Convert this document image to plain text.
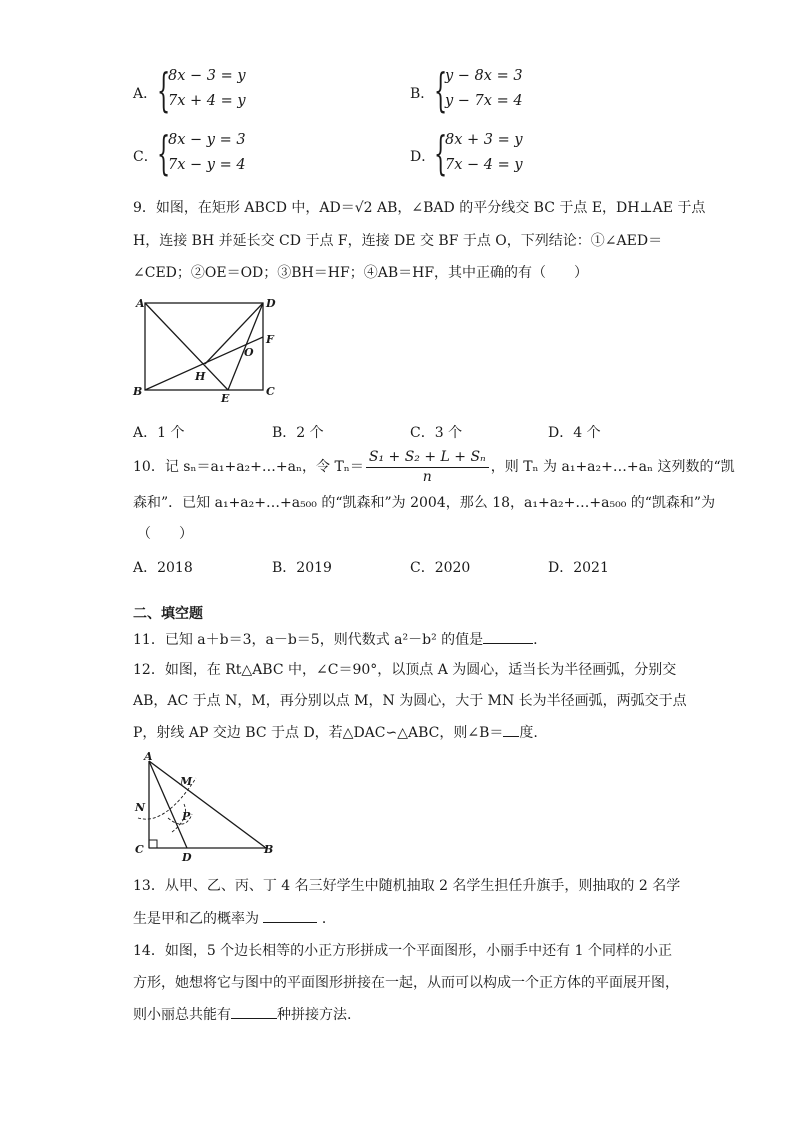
A． {
8x − 3 = y
7x + 4 = y	B． {
y − 8x = 3
y − 7x = 4
C． {
8x − y = 3
7x − y = 4	D．
{
8x + 3 = y
7x − 4 = y
9．如图，在矩形 ABCD 中，AD＝√2 AB，∠BAD 的平分线交 BC 于点 E，DH⊥AE 于点
H，连接 BH 并延长交 CD 于点 F，连接 DE 交 BF 于点 O，下列结论：①∠AED＝
∠CED；②OE＝OD；③BH＝HF；④AB＝HF，其中正确的有（　　）
A	D
F
O
H
B
E
C
A．1 个	B．2 个	C．3 个	D．4 个
10．记 sₙ＝a₁+a₂+…+aₙ，令 $T_n= \frac{\text{S₁ + S₂ + L + Sₙ}}{n}$ ，则 Tₙ 为 a₁+a₂+…+aₙ 这列数的“凯
森和”．已知 a₁+a₂+…+a₅₀₀ 的“凯森和”为 2004，那么 18，a₁+a₂+…+a₅₀₀ 的“凯森和”为
（　　）
A．2018	B．2019	C．2020	D．2021
二、填空题
11．已知 a＋b＝3，a－b＝5，则代数式 a²－b² 的值是	.
12．如图，在 Rt△ABC 中，∠C＝90°，以顶点 A 为圆心，适当长为半径画弧，分别交
AB，AC 于点 N，M，再分别以点 M，N 为圆心，大于 MN 长为半径画弧，两弧交于点
P，射线 AP 交边 BC 于点 D，若△DAC∽△ABC，则∠B＝ 度.
A
M
N
P
C
D
B
13．从甲、乙、丙、丁 4 名三好学生中随机抽取 2 名学生担任升旗手，则抽取的 2 名学
生是甲和乙的概率为	．
14．如图，5 个边长相等的小正方形拼成一个平面图形，小丽手中还有 1 个同样的小正
方形，她想将它与图中的平面图形拼接在一起，从而可以构成一个正方体的平面展开图，
则小丽总共能有	种拼接方法.
